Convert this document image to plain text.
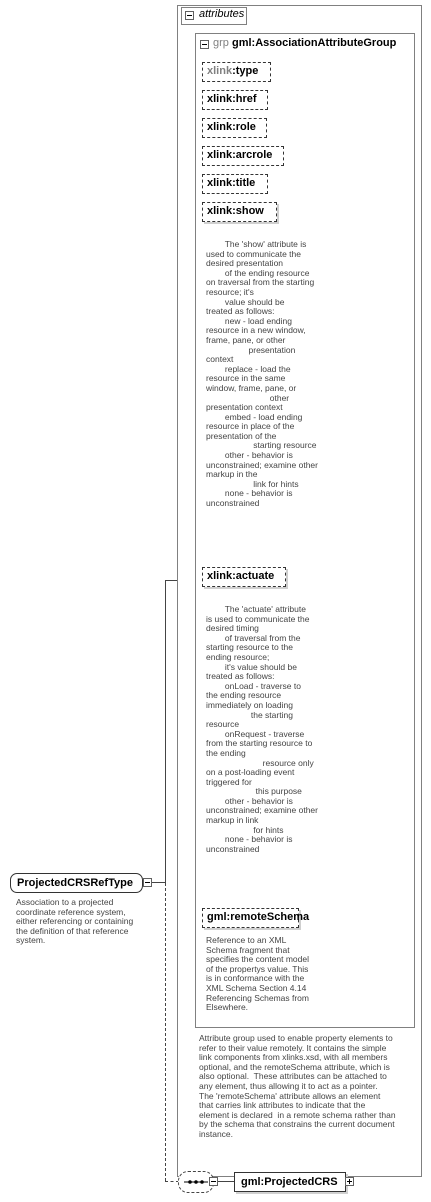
attributes
grp gml:AssociationAttributeGroup
xlink:type
xlink:href
xlink:role
xlink:arcrole
xlink:title
xlink:show
The 'show' attribute is
used to communicate the
desired presentation
of the ending resource
on traversal from the starting
resource; it's
value should be
treated as follows:
new - load ending
resource in a new window,
frame, pane, or other
presentation
context
replace - load the
resource in the same
window, frame, pane, or
other
presentation context
embed - load ending
resource in place of the
presentation of the
starting resource
other - behavior is
unconstrained; examine other
markup in the
link for hints
none - behavior is
unconstrained
xlink:actuate
The 'actuate' attribute
is used to communicate the
desired timing
of traversal from the
starting resource to the
ending resource;
it's value should be
treated as follows:
onLoad - traverse to
the ending resource
immediately on loading
the starting
resource
onRequest - traverse
from the starting resource to
the ending
resource only
on a post-loading event
triggered for
this purpose
other - behavior is
unconstrained; examine other
markup in link
for hints
none - behavior is
unconstrained
gml:remoteSchema
Reference to an XML
Schema fragment that
specifies the content model
of the propertys value. This
is in conformance with the
XML Schema Section 4.14
Referencing Schemas from
Elsewhere.
Attribute group used to enable property elements to
refer to their value remotely. It contains the simple
link components from xlinks.xsd, with all members
optional, and the remoteSchema attribute, which is
also optional.  These attributes can be attached to
any element, thus allowing it to act as a pointer.
The 'remoteSchema' attribute allows an element
that carries link attributes to indicate that the
element is declared  in a remote schema rather than
by the schema that constrains the current document
instance.
ProjectedCRSRefType
Association to a projected
coordinate reference system,
either referencing or containing
the definition of that reference
system.
gml:ProjectedCRS
